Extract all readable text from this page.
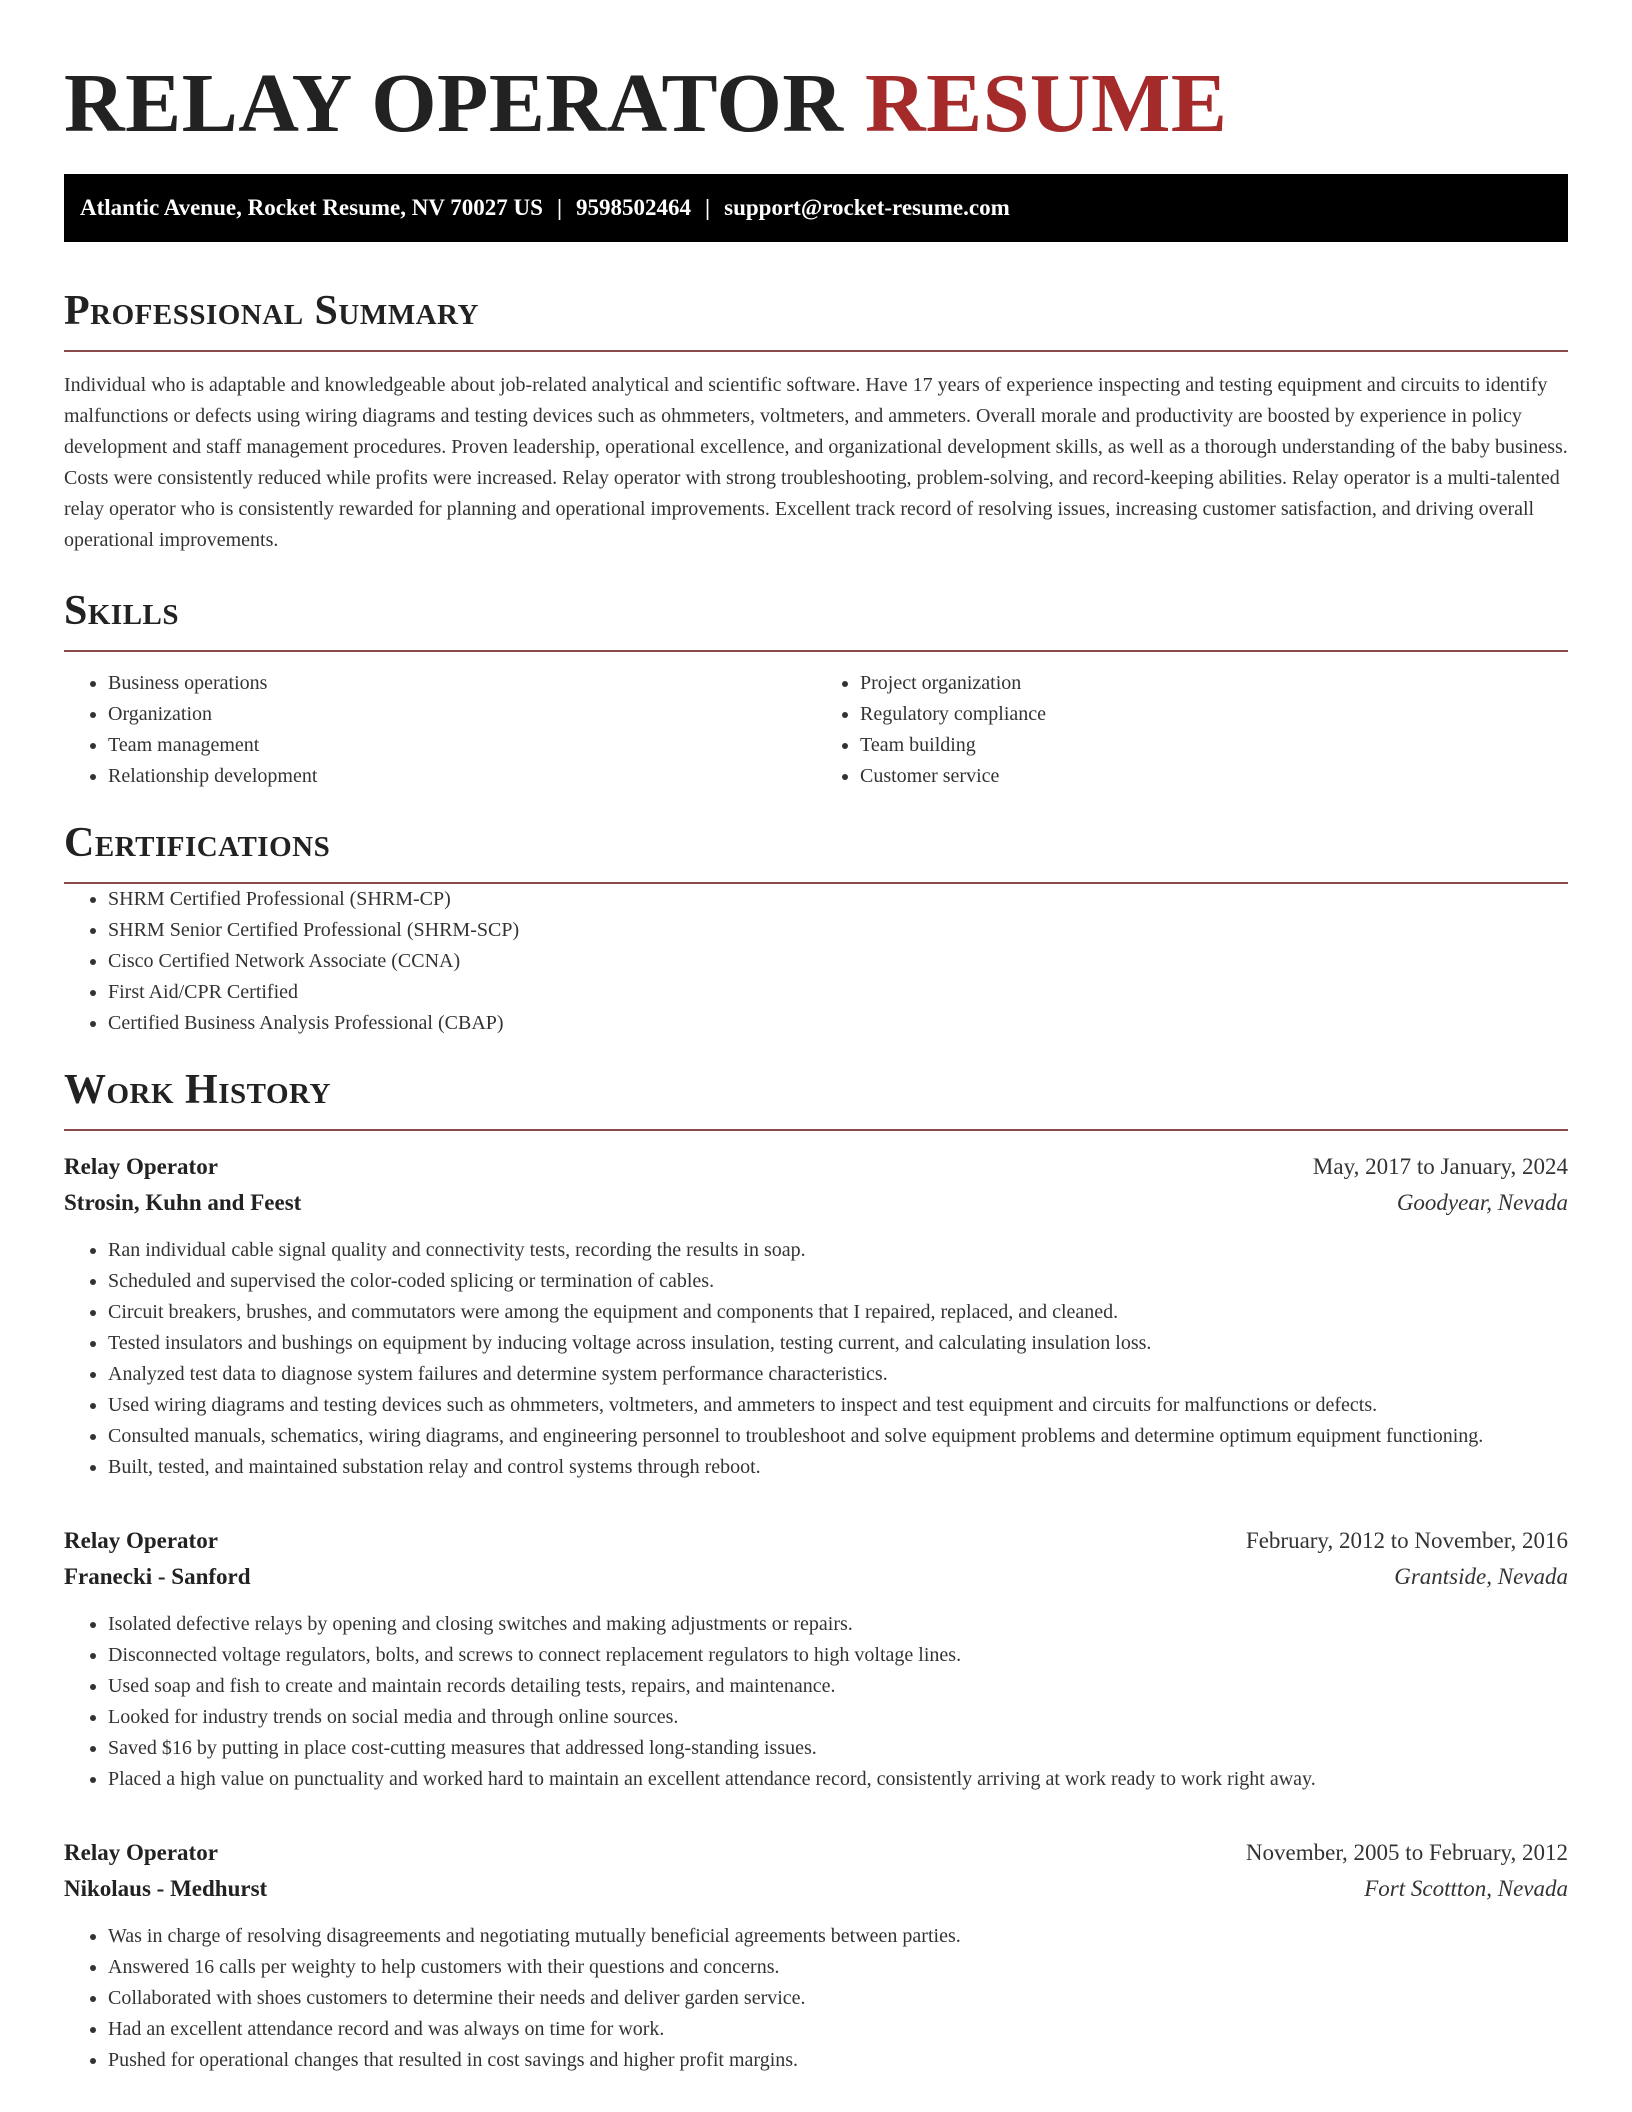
RELAY OPERATOR RESUME
Atlantic Avenue, Rocket Resume, NV 70027 US | 9598502464 | support@rocket-resume.com
Professional Summary

Individual who is adaptable and knowledgeable about job-related analytical and scientific software. Have 17 years of experience inspecting and testing equipment and circuits to identify malfunctions or defects using wiring diagrams and testing devices such as ohmmeters, voltmeters, and ammeters. Overall morale and productivity are boosted by experience in policy development and staff management procedures. Proven leadership, operational excellence, and organizational development skills, as well as a thorough understanding of the baby business. Costs were consistently reduced while profits were increased. Relay operator with strong troubleshooting, problem-solving, and record-keeping abilities. Relay operator is a multi-talented relay operator who is consistently rewarded for planning and operational improvements. Excellent track record of resolving issues, increasing customer satisfaction, and driving overall operational improvements.

Skills
• Business operations
• Organization
• Team management
• Relationship development
• Project organization
• Regulatory compliance
• Team building
• Customer service
Certifications
• SHRM Certified Professional (SHRM-CP)
• SHRM Senior Certified Professional (SHRM-SCP)
• Cisco Certified Network Associate (CCNA)
• First Aid/CPR Certified
• Certified Business Analysis Professional (CBAP)
Work History
Relay Operator	May, 2017 to January, 2024
Strosin, Kuhn and Feest	Goodyear, Nevada
• Ran individual cable signal quality and connectivity tests, recording the results in soap.
• Scheduled and supervised the color-coded splicing or termination of cables.
• Circuit breakers, brushes, and commutators were among the equipment and components that I repaired, replaced, and cleaned.
• Tested insulators and bushings on equipment by inducing voltage across insulation, testing current, and calculating insulation loss.
• Analyzed test data to diagnose system failures and determine system performance characteristics.
• Used wiring diagrams and testing devices such as ohmmeters, voltmeters, and ammeters to inspect and test equipment and circuits for malfunctions or defects.
• Consulted manuals, schematics, wiring diagrams, and engineering personnel to troubleshoot and solve equipment problems and determine optimum equipment functioning.
• Built, tested, and maintained substation relay and control systems through reboot.
Relay Operator	February, 2012 to November, 2016
Franecki - Sanford	Grantside, Nevada
• Isolated defective relays by opening and closing switches and making adjustments or repairs.
• Disconnected voltage regulators, bolts, and screws to connect replacement regulators to high voltage lines.
• Used soap and fish to create and maintain records detailing tests, repairs, and maintenance.
• Looked for industry trends on social media and through online sources.
• Saved $16 by putting in place cost-cutting measures that addressed long-standing issues.
• Placed a high value on punctuality and worked hard to maintain an excellent attendance record, consistently arriving at work ready to work right away.
Relay Operator	November, 2005 to February, 2012
Nikolaus - Medhurst	Fort Scottton, Nevada
• Was in charge of resolving disagreements and negotiating mutually beneficial agreements between parties.
• Answered 16 calls per weighty to help customers with their questions and concerns.
• Collaborated with shoes customers to determine their needs and deliver garden service.
• Had an excellent attendance record and was always on time for work.
• Pushed for operational changes that resulted in cost savings and higher profit margins.
